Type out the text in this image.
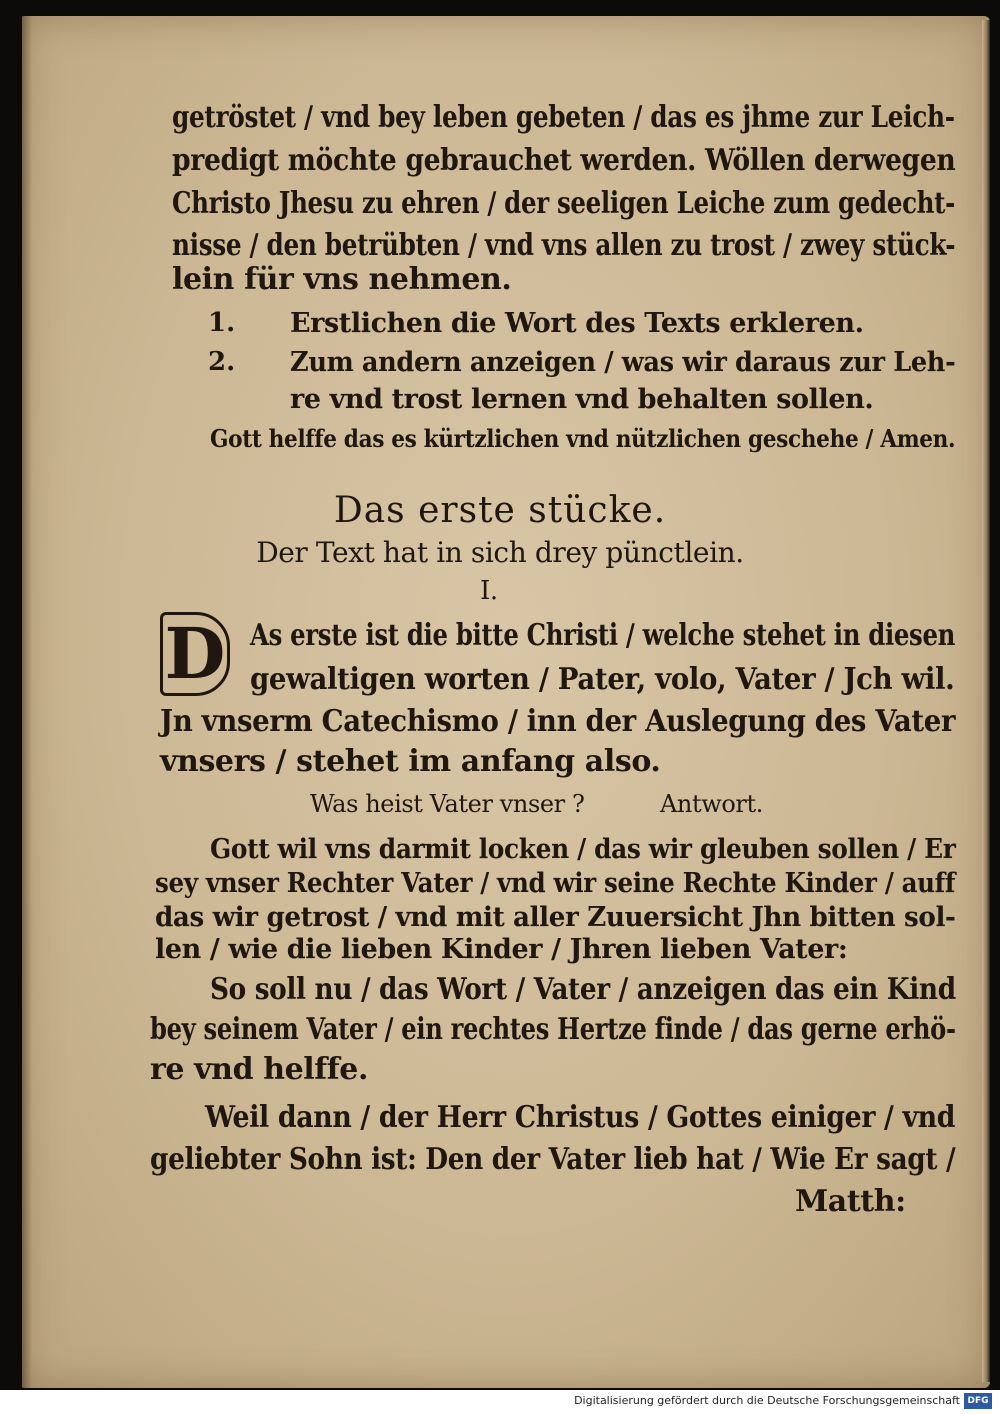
getröstet / vnd bey leben gebeten / das es jhme zur Leich-

predigt möchte gebrauchet werden. Wöllen derwegen

Christo Jhesu zu ehren / der seeligen Leiche zum gedecht-

nisse / den betrübten / vnd vns allen zu trost / zwey stück-

lein für vns nehmen.

1. Erstlichen die Wort des Texts erkleren.

2. Zum andern anzeigen / was wir daraus zur Leh-

re vnd trost lernen vnd behalten sollen.

Gott helffe das es kürtzlichen vnd nützlichen geschehe / Amen.

Das erste stücke.

Der Text hat in sich drey pünctlein.

I.

D As erste ist die bitte Christi / welche stehet in diesen

gewaltigen worten / Pater, volo, Vater / Jch wil.

Jn vnserm Catechismo / inn der Auslegung des Vater

vnsers / stehet im anfang also.

Was heist Vater vnser ?	Antwort.

Gott wil vns darmit locken / das wir gleuben sollen / Er

sey vnser Rechter Vater / vnd wir seine Rechte Kinder / auff

das wir getrost / vnd mit aller Zuuersicht Jhn bitten sol-

len / wie die lieben Kinder / Jhren lieben Vater:

So soll nu / das Wort / Vater / anzeigen das ein Kind

bey seinem Vater / ein rechtes Hertze finde / das gerne erhö-

re vnd helffe.

Weil dann / der Herr Christus / Gottes einiger / vnd

geliebter Sohn ist: Den der Vater lieb hat / Wie Er sagt /

Matth:

Digitalisierung gefördert durch die Deutsche Forschungsgemeinschaft DFG
